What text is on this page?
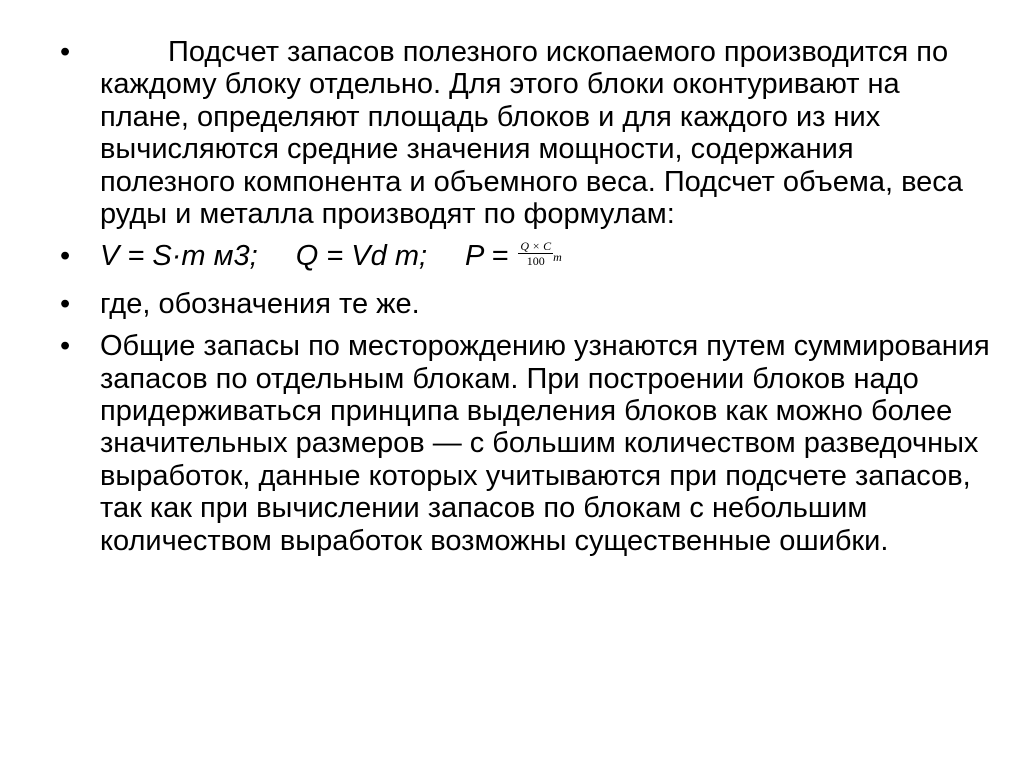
•	Подсчет запасов полезного ископаемого производится по каждому блоку отдельно. Для этого блоки оконтуривают на плане, определяют площадь блоков и для каждого из них вычисляются средние значения мощности, содержания полезного компонента и объемного веса. Подсчет объема, веса руды и металла производят по формулам:
• V = S·m м3; Q = Vd m; $P = \frac{Q \times C}{100}$ m
• где, обозначения те же.
• Общие запасы по месторождению узнаются путем суммирования запасов по отдельным блокам. При построении блоков надо придерживаться принципа выделения блоков как можно более значительных размеров — с большим количеством разведочных выработок, данные которых учитываются при подсчете запасов, так как при вычислении запасов по блокам с небольшим количеством выработок возможны существенные ошибки.
